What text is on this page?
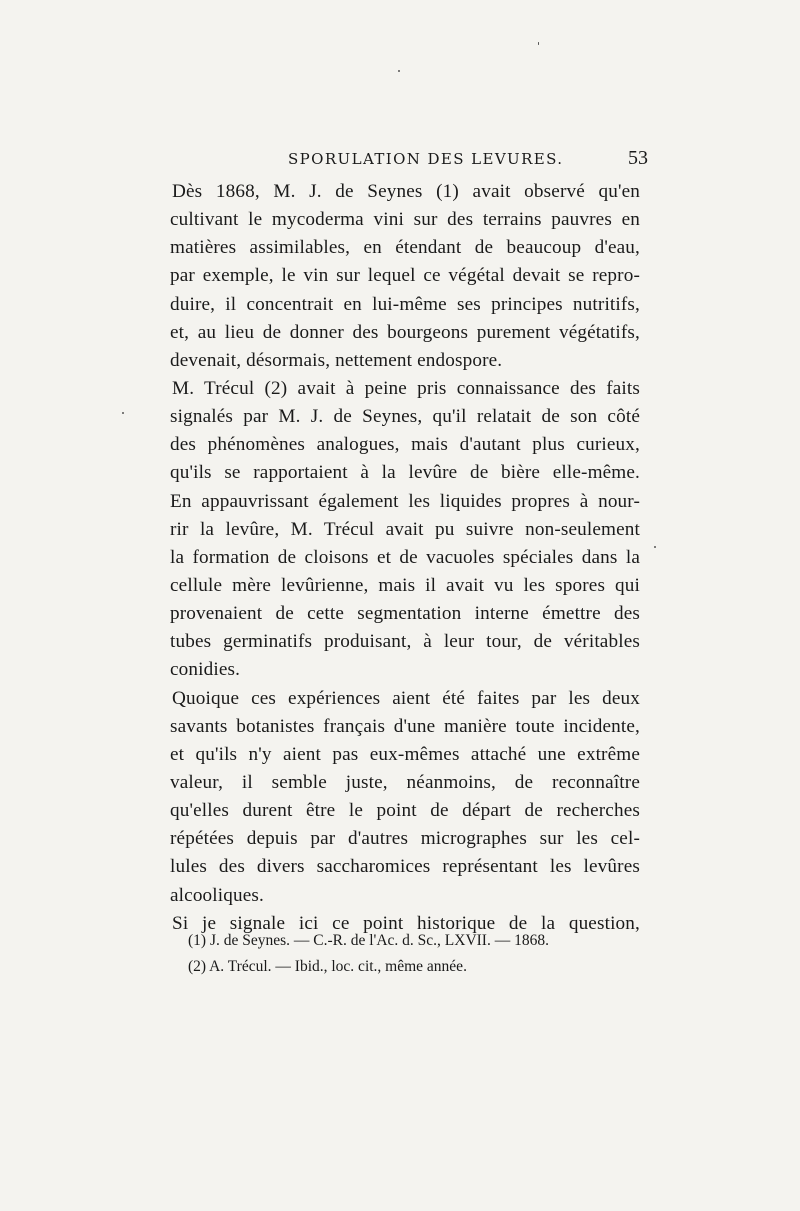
SPORULATION DES LEVURES.	53
Dès 1868, M. J. de Seynes (1) avait observé qu'en
cultivant le mycoderma vini sur des terrains pauvres en
matières assimilables, en étendant de beaucoup d'eau,
par exemple, le vin sur lequel ce végétal devait se repro-
duire, il concentrait en lui-même ses principes nutritifs,
et, au lieu de donner des bourgeons purement végétatifs,
devenait, désormais, nettement endospore.
M. Trécul (2) avait à peine pris connaissance des faits
signalés par M. J. de Seynes, qu'il relatait de son côté
des phénomènes analogues, mais d'autant plus curieux,
qu'ils se rapportaient à la levûre de bière elle-même.
En appauvrissant également les liquides propres à nour-
rir la levûre, M. Trécul avait pu suivre non-seulement
la formation de cloisons et de vacuoles spéciales dans la
cellule mère levûrienne, mais il avait vu les spores qui
provenaient de cette segmentation interne émettre des
tubes germinatifs produisant, à leur tour, de véritables
conidies.
Quoique ces expériences aient été faites par les deux
savants botanistes français d'une manière toute incidente,
et qu'ils n'y aient pas eux-mêmes attaché une extrême
valeur, il semble juste, néanmoins, de reconnaître
qu'elles durent être le point de départ de recherches
répétées depuis par d'autres micrographes sur les cel-
lules des divers saccharomices représentant les levûres
alcooliques.
Si je signale ici ce point historique de la question,
(1) J. de Seynes. — C.-R. de l'Ac. d. Sc., LXVII. — 1868.
(2) A. Trécul. — Ibid., loc. cit., même année.
